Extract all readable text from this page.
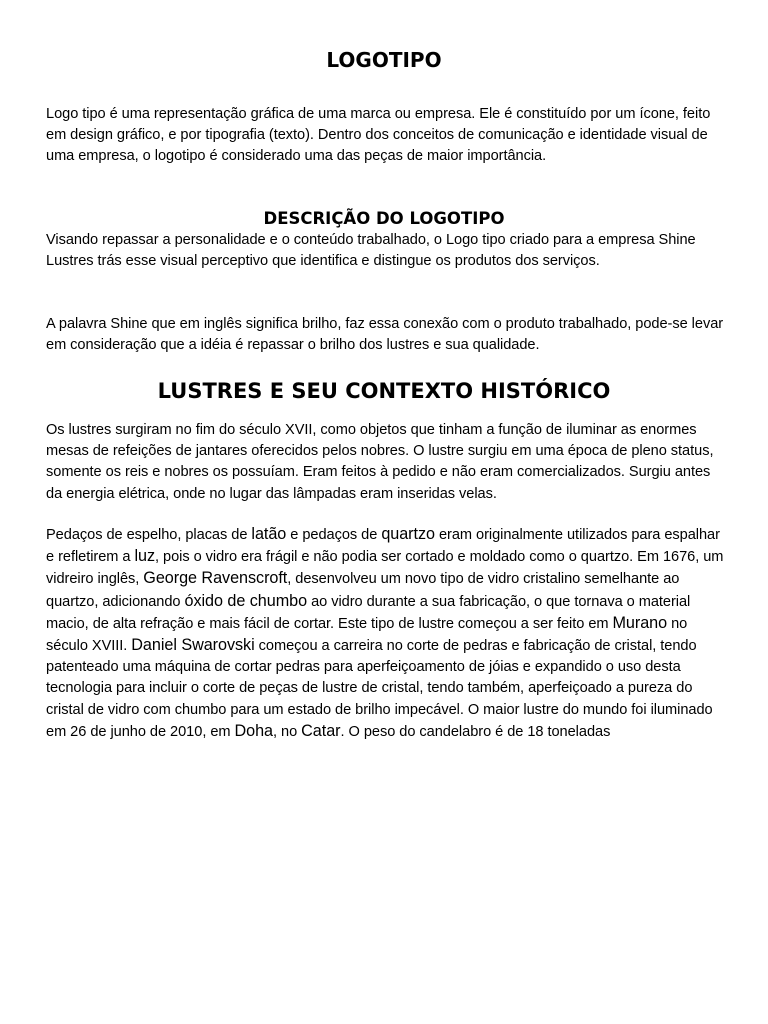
LOGOTIPO

Logo tipo é uma representação gráfica de uma marca ou empresa. Ele é constituído por um ícone, feito em design gráfico, e por tipografia (texto). Dentro dos conceitos de comunicação e identidade visual de uma empresa, o logotipo é considerado uma das peças de maior importância.

DESCRIÇÃO DO LOGOTIPO

Visando repassar a personalidade e o conteúdo trabalhado, o Logo tipo criado para a empresa Shine Lustres trás esse visual perceptivo que identifica e distingue os produtos dos serviços.

A palavra Shine que em inglês significa brilho, faz essa conexão com o produto trabalhado, pode-se levar em consideração que a idéia é repassar o brilho dos lustres e sua qualidade.

LUSTRES E SEU CONTEXTO HISTÓRICO

Os lustres surgiram no fim do século XVII, como objetos que tinham a função de iluminar as enormes mesas de refeições de jantares oferecidos pelos nobres. O lustre surgiu em uma época de pleno status, somente os reis e nobres os possuíam. Eram feitos à pedido e não eram comercializados. Surgiu antes da energia elétrica, onde no lugar das lâmpadas eram inseridas velas.

Pedaços de espelho, placas de latão e pedaços de quartzo eram originalmente utilizados para espalhar e refletirem a luz, pois o vidro era frágil e não podia ser cortado e moldado como o quartzo. Em 1676, um vidreiro inglês, George Ravenscroft, desenvolveu um novo tipo de vidro cristalino semelhante ao quartzo, adicionando óxido de chumbo ao vidro durante a sua fabricação, o que tornava o material macio, de alta refração e mais fácil de cortar. Este tipo de lustre começou a ser feito em Murano no século XVIII. Daniel Swarovski começou a carreira no corte de pedras e fabricação de cristal, tendo patenteado uma máquina de cortar pedras para aperfeiçoamento de jóias e expandido o uso desta tecnologia para incluir o corte de peças de lustre de cristal, tendo também, aperfeiçoado a pureza do cristal de vidro com chumbo para um estado de brilho impecável. O maior lustre do mundo foi iluminado em 26 de junho de 2010, em Doha, no Catar. O peso do candelabro é de 18 toneladas
